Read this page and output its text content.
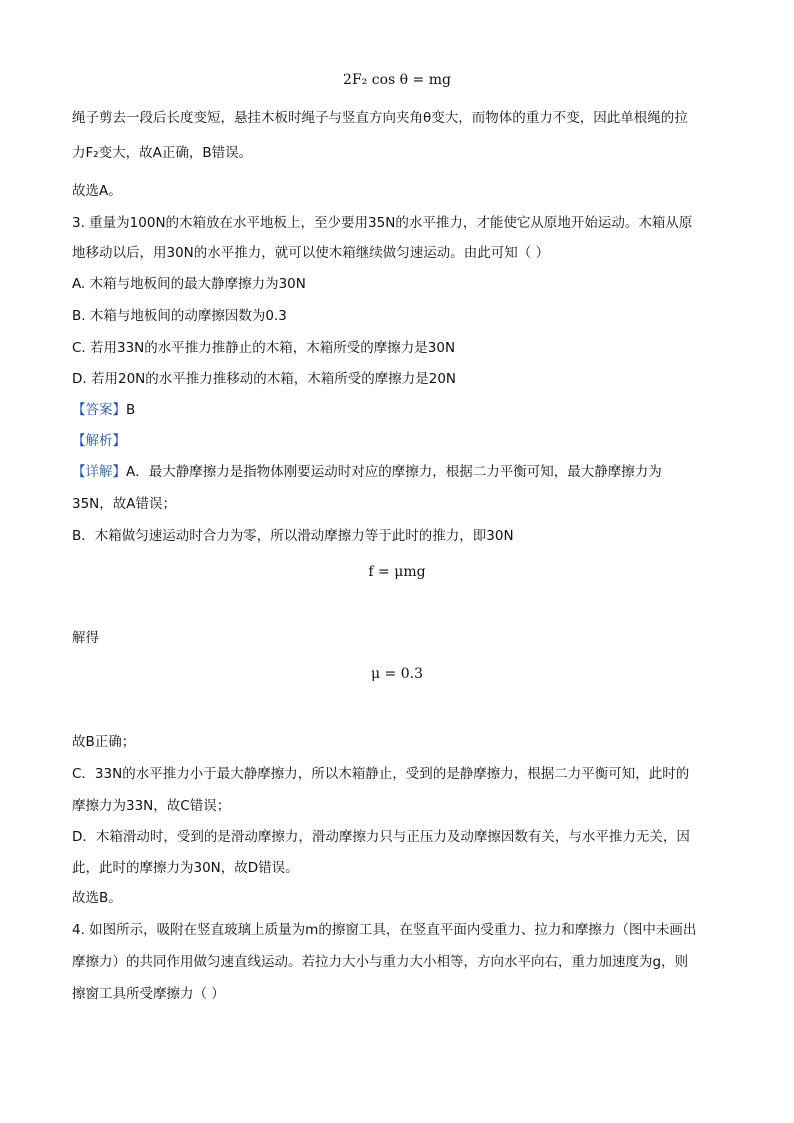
2F₂ cos θ = mg
绳子剪去一段后长度变短，悬挂木板时绳子与竖直方向夹角θ变大，而物体的重力不变，因此单根绳的拉
力F₂变大，故A正确，B错误。
故选A。
3. 重量为100N的木箱放在水平地板上，至少要用35N的水平推力，才能使它从原地开始运动。木箱从原
地移动以后，用30N的水平推力，就可以使木箱继续做匀速运动。由此可知（ ）
A. 木箱与地板间的最大静摩擦力为30N
B. 木箱与地板间的动摩擦因数为0.3
C. 若用33N的水平推力推静止的木箱，木箱所受的摩擦力是30N
D. 若用20N的水平推力推移动的木箱，木箱所受的摩擦力是20N
【答案】B
【解析】
【详解】A．最大静摩擦力是指物体刚要运动时对应的摩擦力，根据二力平衡可知，最大静摩擦力为
35N，故A错误；
B．木箱做匀速运动时合力为零，所以滑动摩擦力等于此时的推力，即30N
f = μmg
解得
μ = 0.3
故B正确；
C．33N的水平推力小于最大静摩擦力，所以木箱静止，受到的是静摩擦力，根据二力平衡可知，此时的
摩擦力为33N，故C错误；
D．木箱滑动时，受到的是滑动摩擦力，滑动摩擦力只与正压力及动摩擦因数有关，与水平推力无关，因
此，此时的摩擦力为30N，故D错误。
故选B。
4. 如图所示，吸附在竖直玻璃上质量为m的擦窗工具，在竖直平面内受重力、拉力和摩擦力（图中未画出
摩擦力）的共同作用做匀速直线运动。若拉力大小与重力大小相等，方向水平向右，重力加速度为g，则
擦窗工具所受摩擦力（ ）
